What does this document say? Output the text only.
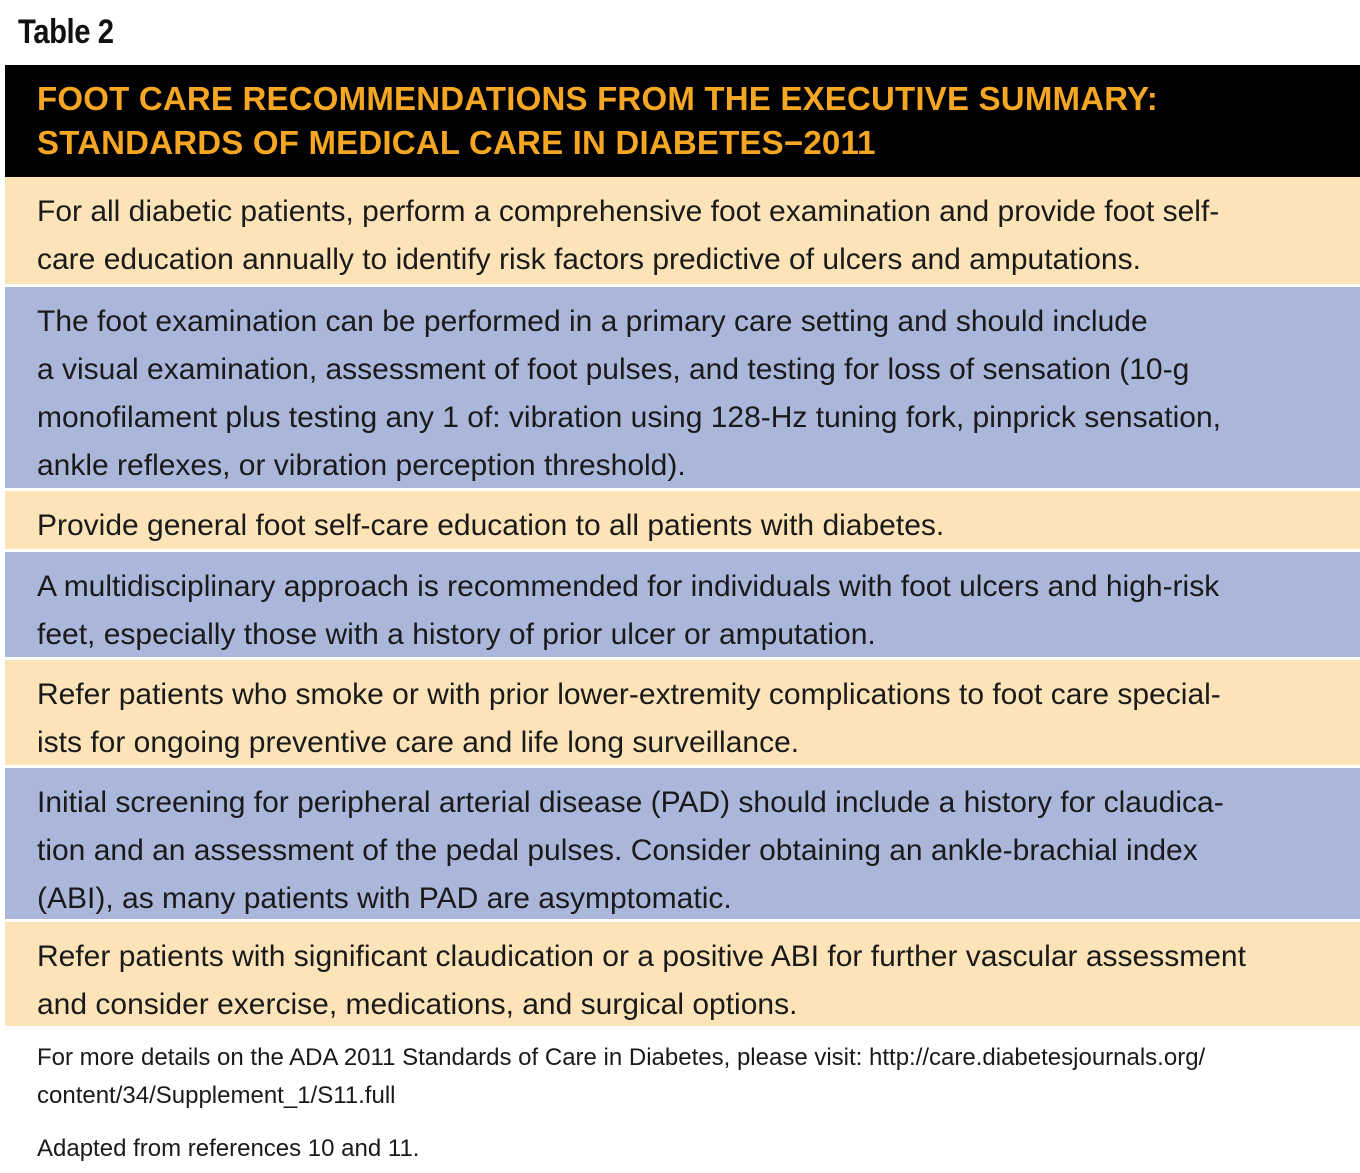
Table 2
FOOT CARE RECOMMENDATIONS FROM THE EXECUTIVE SUMMARY:
STANDARDS OF MEDICAL CARE IN DIABETES−2011
For all diabetic patients, perform a comprehensive foot examination and provide foot self-
care education annually to identify risk factors predictive of ulcers and amputations.
The foot examination can be performed in a primary care setting and should include
a visual examination, assessment of foot pulses, and testing for loss of sensation (10-g
monofilament plus testing any 1 of: vibration using 128-Hz tuning fork, pinprick sensation,
ankle reflexes, or vibration perception threshold).
Provide general foot self-care education to all patients with diabetes.
A multidisciplinary approach is recommended for individuals with foot ulcers and high-risk
feet, especially those with a history of prior ulcer or amputation.
Refer patients who smoke or with prior lower-extremity complications to foot care special-
ists for ongoing preventive care and life long surveillance.
Initial screening for peripheral arterial disease (PAD) should include a history for claudica-
tion and an assessment of the pedal pulses. Consider obtaining an ankle-brachial index
(ABI), as many patients with PAD are asymptomatic.
Refer patients with significant claudication or a positive ABI for further vascular assessment
and consider exercise, medications, and surgical options.
For more details on the ADA 2011 Standards of Care in Diabetes, please visit: http://care.diabetesjournals.org/
content/34/Supplement_1/S11.full
Adapted from references 10 and 11.
